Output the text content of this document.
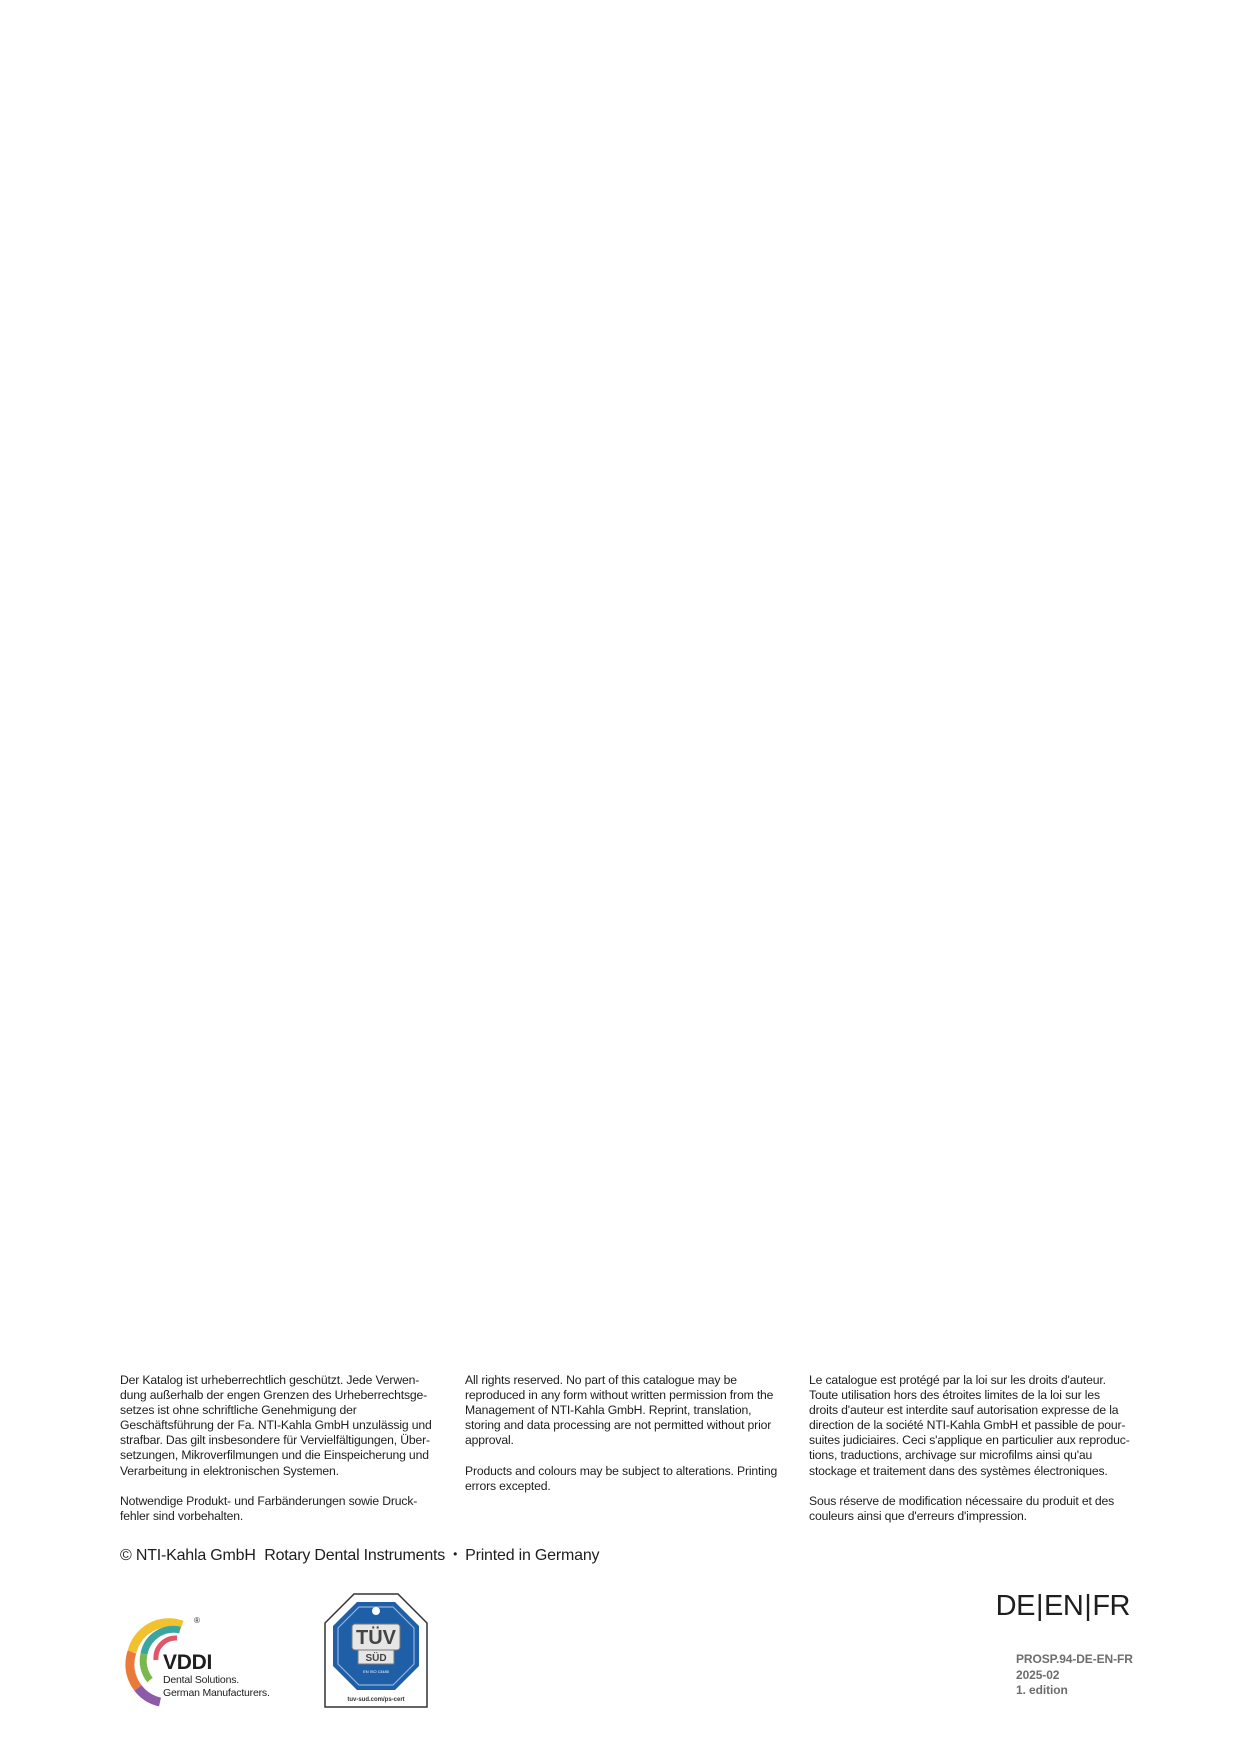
Der Katalog ist urheberrechtlich geschützt. Jede Verwen-
dung außerhalb der engen Grenzen des Urheberrechtsge-
setzes ist ohne schriftliche Genehmigung der
Geschäftsführung der Fa. NTI-Kahla GmbH unzulässig und
strafbar. Das gilt insbesondere für Vervielfältigungen, Über-
setzungen, Mikroverfilmungen und die Einspeicherung und
Verarbeitung in elektronischen Systemen.

Notwendige Produkt- und Farbänderungen sowie Druck-
fehler sind vorbehalten.

All rights reserved. No part of this catalogue may be
reproduced in any form without written permission from the
Management of NTI-Kahla GmbH. Reprint, translation,
storing and data processing are not permitted without prior
approval.

Products and colours may be subject to alterations. Printing
errors excepted.

Le catalogue est protégé par la loi sur les droits d'auteur.
Toute utilisation hors des étroites limites de la loi sur les
droits d'auteur est interdite sauf autorisation expresse de la
direction de la société NTI-Kahla GmbH et passible de pour-
suites judiciaires. Ceci s'applique en particulier aux reproduc-
tions, traductions, archivage sur microfilms ainsi qu'au
stockage et traitement dans des systèmes électroniques.

Sous réserve de modification nécessaire du produit et des
couleurs ainsi que d'erreurs d'impression.

© NTI-Kahla GmbH  Rotary Dental Instruments • Printed in Germany
®
VDDI
Dental Solutions.
German Manufacturers.
TÜV
SÜD
EN ISO 13485
tuv-sud.com/ps-cert
DE|EN|FR
PROSP.94-DE-EN-FR
2025-02
1. edition
